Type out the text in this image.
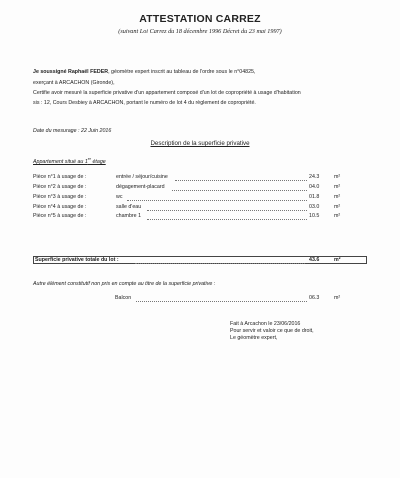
ATTESTATION CARREZ
(suivant Loi Carrez du 18 décembre 1996 Décret du 23 mai 1997)
Je soussigné Raphaël FEDER, géomètre expert inscrit au tableau de l'ordre sous le n°04825,
exerçant à ARCACHON (Gironde),
Certifie avoir mesuré la superficie privative d'un appartement composé d'un lot de copropriété à usage d'habitation
sis : 12, Cours Desbiey à ARCACHON, portant le numéro de lot 4 du règlement de copropriété.
Date du mesurage : 22 Juin 2016
Description de la superficie privative
Appartement situé au 1er étage
Pièce n°1 à usage de :	entrée / séjour/cuisine	24.3	m²
Pièce n°2 à usage de :	dégagement-placard	04.0	m²
Pièce n°3 à usage de :	wc	01.8	m²
Pièce n°4 à usage de :	salle d'eau	03.0	m²
Pièce n°5 à usage de :	chambre 1	10.5	m²
Superficie privative totale du lot :	43.6	m²
Autre élément constitutif non pris en compte au titre de la superficie privative :
Balcon	06.3	m²
Fait à Arcachon le 23/06/2016
Pour servir et valoir ce que de droit,
Le géomètre expert,
